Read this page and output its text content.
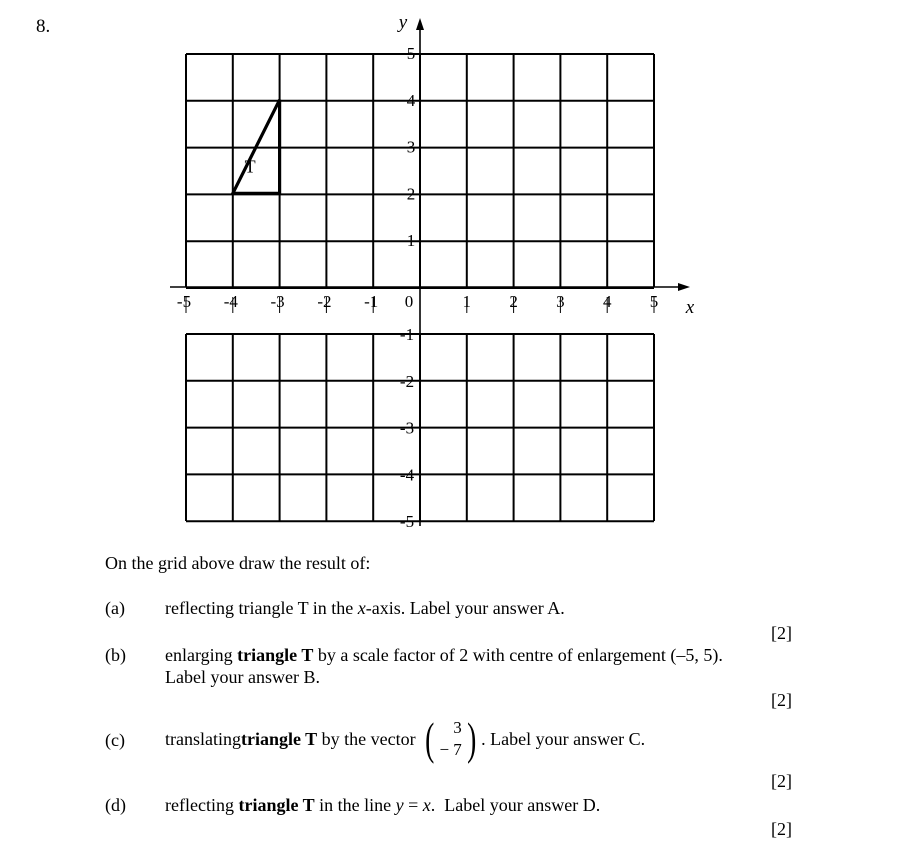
8.
-5 -4 -3 -2 -1 0	1 2 3 4 5
1
2
3
4
5
-1
-2
-3
-4
-5
y
x
T
On the grid above draw the result of:
(a) reflecting triangle T in the x-axis. Label your answer A.
[2]
(b) enlarging triangle T by a scale factor of 2 with centre of enlargement (–5, 5).
Label your answer B.
[2]
(c) translating triangle T by the vector ( 3
− 7 ) . Label your answer C.
[2]
(d) reflecting triangle T in the line y = x.  Label your answer D.
[2]
